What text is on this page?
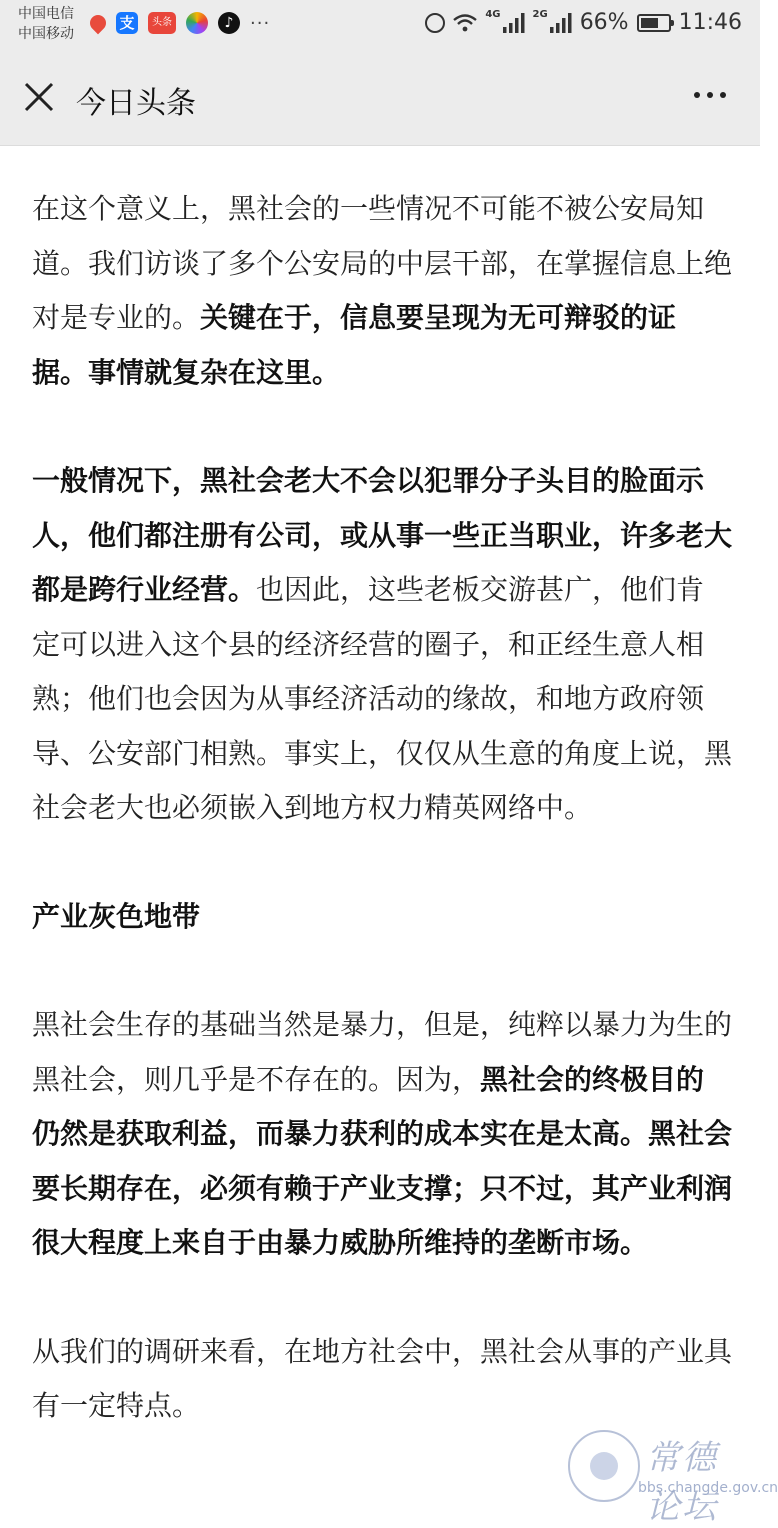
中国电信
中国移动
支	头条	♪ ···	4G	2G 66% 11:46
今日头条

在这个意义上，黑社会的一些情况不可能不被公安局知道。我们访谈了多个公安局的中层干部，在掌握信息上绝对是专业的。关键在于，信息要呈现为无可辩驳的证据。事情就复杂在这里。

一般情况下，黑社会老大不会以犯罪分子头目的脸面示人，他们都注册有公司，或从事一些正当职业，许多老大都是跨行业经营。也因此，这些老板交游甚广，他们肯定可以进入这个县的经济经营的圈子，和正经生意人相熟；他们也会因为从事经济活动的缘故，和地方政府领导、公安部门相熟。事实上，仅仅从生意的角度上说，黑社会老大也必须嵌入到地方权力精英网络中。

产业灰色地带

黑社会生存的基础当然是暴力，但是，纯粹以暴力为生的黑社会，则几乎是不存在的。因为，黑社会的终极目的仍然是获取利益，而暴力获利的成本实在是太高。黑社会要长期存在，必须有赖于产业支撑；只不过，其产业利润很大程度上来自于由暴力威胁所维持的垄断市场。

从我们的调研来看，在地方社会中，黑社会从事的产业具有一定特点。

常德论坛
bbs.changde.gov.cn
